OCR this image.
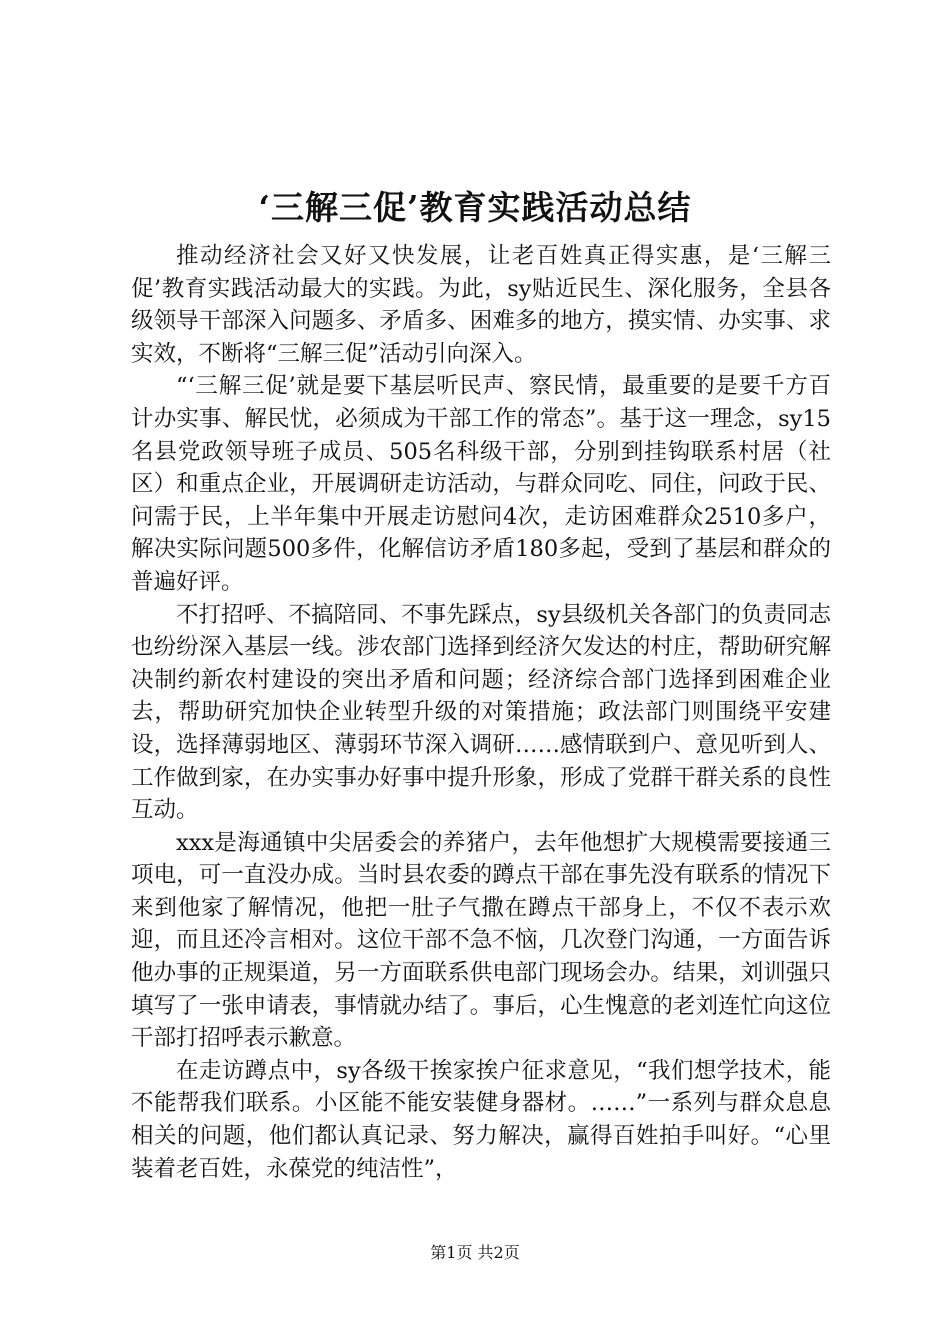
‘三解三促’教育实践活动总结

推动经济社会又好又快发展，让老百姓真正得实惠，是‘三解三促’教育实践活动最大的实践。为此，sy贴近民生、深化服务，全县各级领导干部深入问题多、矛盾多、困难多的地方，摸实情、办实事、求实效，不断将“三解三促”活动引向深入。

“‘三解三促’就是要下基层听民声、察民情，最重要的是要千方百计办实事、解民忧，必须成为干部工作的常态”。基于这一理念，sy15名县党政领导班子成员、505名科级干部，分别到挂钩联系村居（社区）和重点企业，开展调研走访活动，与群众同吃、同住，问政于民、问需于民，上半年集中开展走访慰问4次，走访困难群众2510多户，解决实际问题500多件，化解信访矛盾180多起，受到了基层和群众的普遍好评。

不打招呼、不搞陪同、不事先踩点，sy县级机关各部门的负责同志也纷纷深入基层一线。涉农部门选择到经济欠发达的村庄，帮助研究解决制约新农村建设的突出矛盾和问题；经济综合部门选择到困难企业去，帮助研究加快企业转型升级的对策措施；政法部门则围绕平安建设，选择薄弱地区、薄弱环节深入调研……感情联到户、意见听到人、工作做到家，在办实事办好事中提升形象，形成了党群干群关系的良性互动。

xxx是海通镇中尖居委会的养猪户，去年他想扩大规模需要接通三项电，可一直没办成。当时县农委的蹲点干部在事先没有联系的情况下来到他家了解情况，他把一肚子气撒在蹲点干部身上，不仅不表示欢迎，而且还冷言相对。这位干部不急不恼，几次登门沟通，一方面告诉他办事的正规渠道，另一方面联系供电部门现场会办。结果，刘训强只填写了一张申请表，事情就办结了。事后，心生愧意的老刘连忙向这位干部打招呼表示歉意。

在走访蹲点中，sy各级干挨家挨户征求意见，“我们想学技术，能不能帮我们联系。小区能不能安装健身器材。……”一系列与群众息息相关的问题，他们都认真记录、努力解决，赢得百姓拍手叫好。“心里装着老百姓，永葆党的纯洁性”，

第1页 共2页
